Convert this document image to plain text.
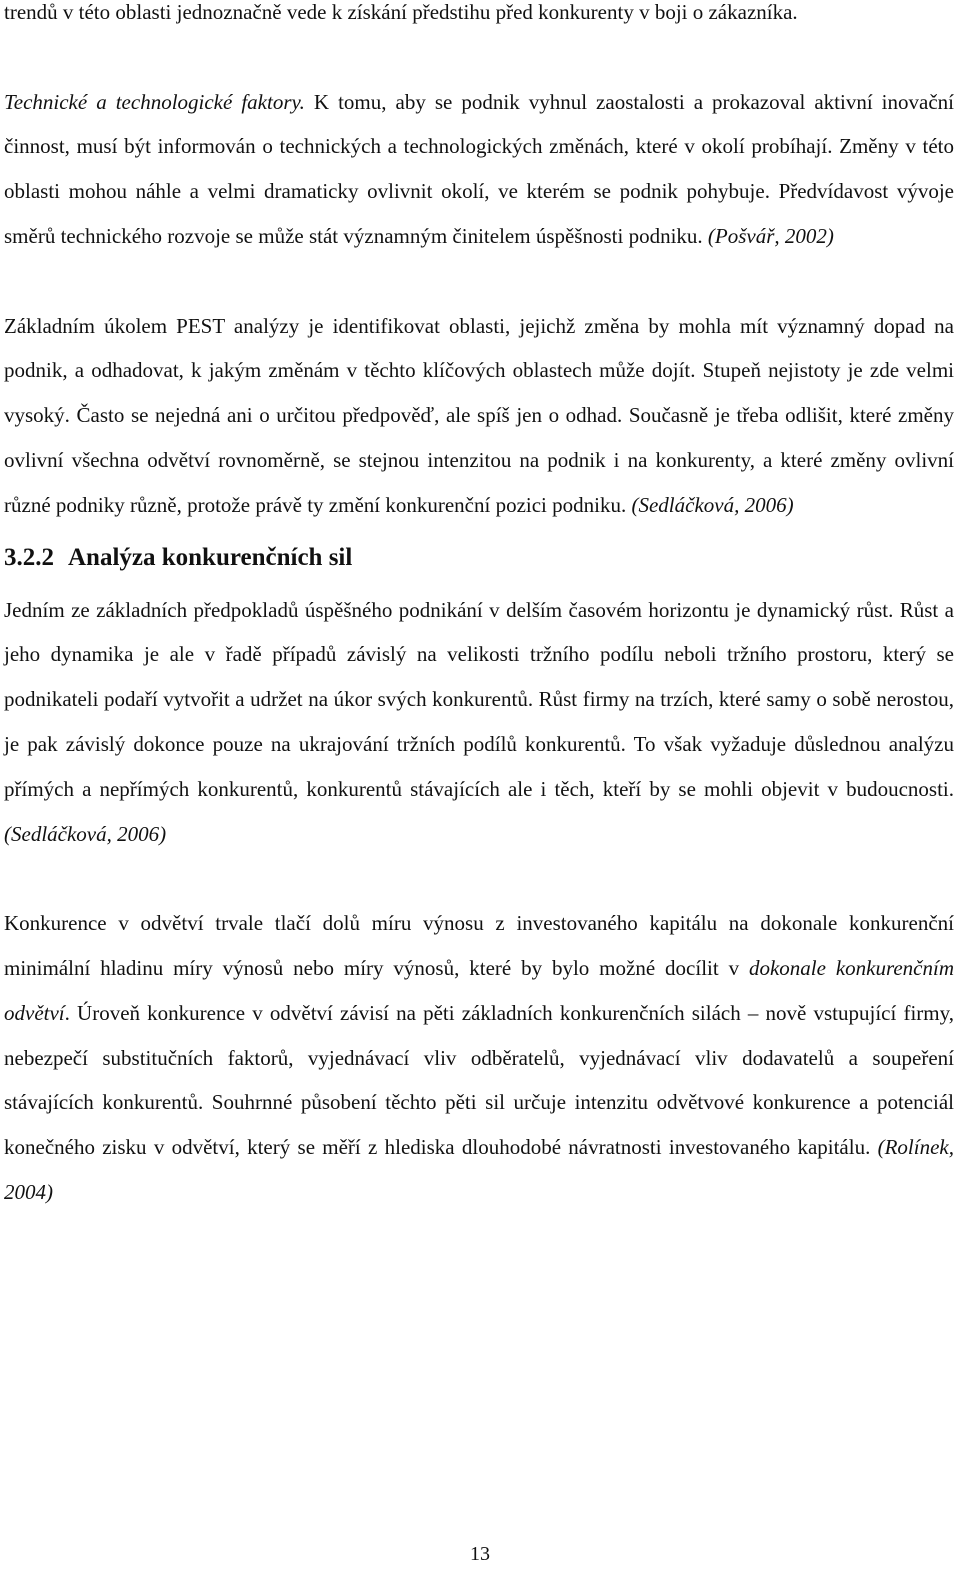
trendů v této oblasti jednoznačně vede k získání předstihu před konkurenty v boji o zákazníka.

Technické a technologické faktory. K tomu, aby se podnik vyhnul zaostalosti a prokazoval aktivní inovační činnost, musí být informován o technických a technologických změnách, které v okolí probíhají. Změny v této oblasti mohou náhle a velmi dramaticky ovlivnit okolí, ve kterém se podnik pohybuje. Předvídavost vývoje směrů technického rozvoje se může stát významným činitelem úspěšnosti podniku. (Pošvář, 2002)

Základním úkolem PEST analýzy je identifikovat oblasti, jejichž změna by mohla mít významný dopad na podnik, a odhadovat, k jakým změnám v těchto klíčových oblastech může dojít. Stupeň nejistoty je zde velmi vysoký. Často se nejedná ani o určitou předpověď, ale spíš jen o odhad. Současně je třeba odlišit, které změny ovlivní všechna odvětví rovnoměrně, se stejnou intenzitou na podnik i na konkurenty, a které změny ovlivní různé podniky různě, protože právě ty změní konkurenční pozici podniku. (Sedláčková, 2006)

3.2.2 Analýza konkurenčních sil

Jedním ze základních předpokladů úspěšného podnikání v delším časovém horizontu je dynamický růst. Růst a jeho dynamika je ale v řadě případů závislý na velikosti tržního podílu neboli tržního prostoru, který se podnikateli podaří vytvořit a udržet na úkor svých konkurentů. Růst firmy na trzích, které samy o sobě nerostou, je pak závislý dokonce pouze na ukrajování tržních podílů konkurentů. To však vyžaduje důslednou analýzu přímých a nepřímých konkurentů, konkurentů stávajících ale i těch, kteří by se mohli objevit v budoucnosti. (Sedláčková, 2006)

Konkurence v odvětví trvale tlačí dolů míru výnosu z investovaného kapitálu na dokonale konkurenční minimální hladinu míry výnosů nebo míry výnosů, které by bylo možné docílit v dokonale konkurenčním odvětví. Úroveň konkurence v odvětví závisí na pěti základních konkurenčních silách – nově vstupující firmy, nebezpečí substitučních faktorů, vyjednávací vliv odběratelů, vyjednávací vliv dodavatelů a soupeření stávajících konkurentů. Souhrnné působení těchto pěti sil určuje intenzitu odvětvové konkurence a potenciál konečného zisku v odvětví, který se měří z hlediska dlouhodobé návratnosti investovaného kapitálu. (Rolínek, 2004)

13
